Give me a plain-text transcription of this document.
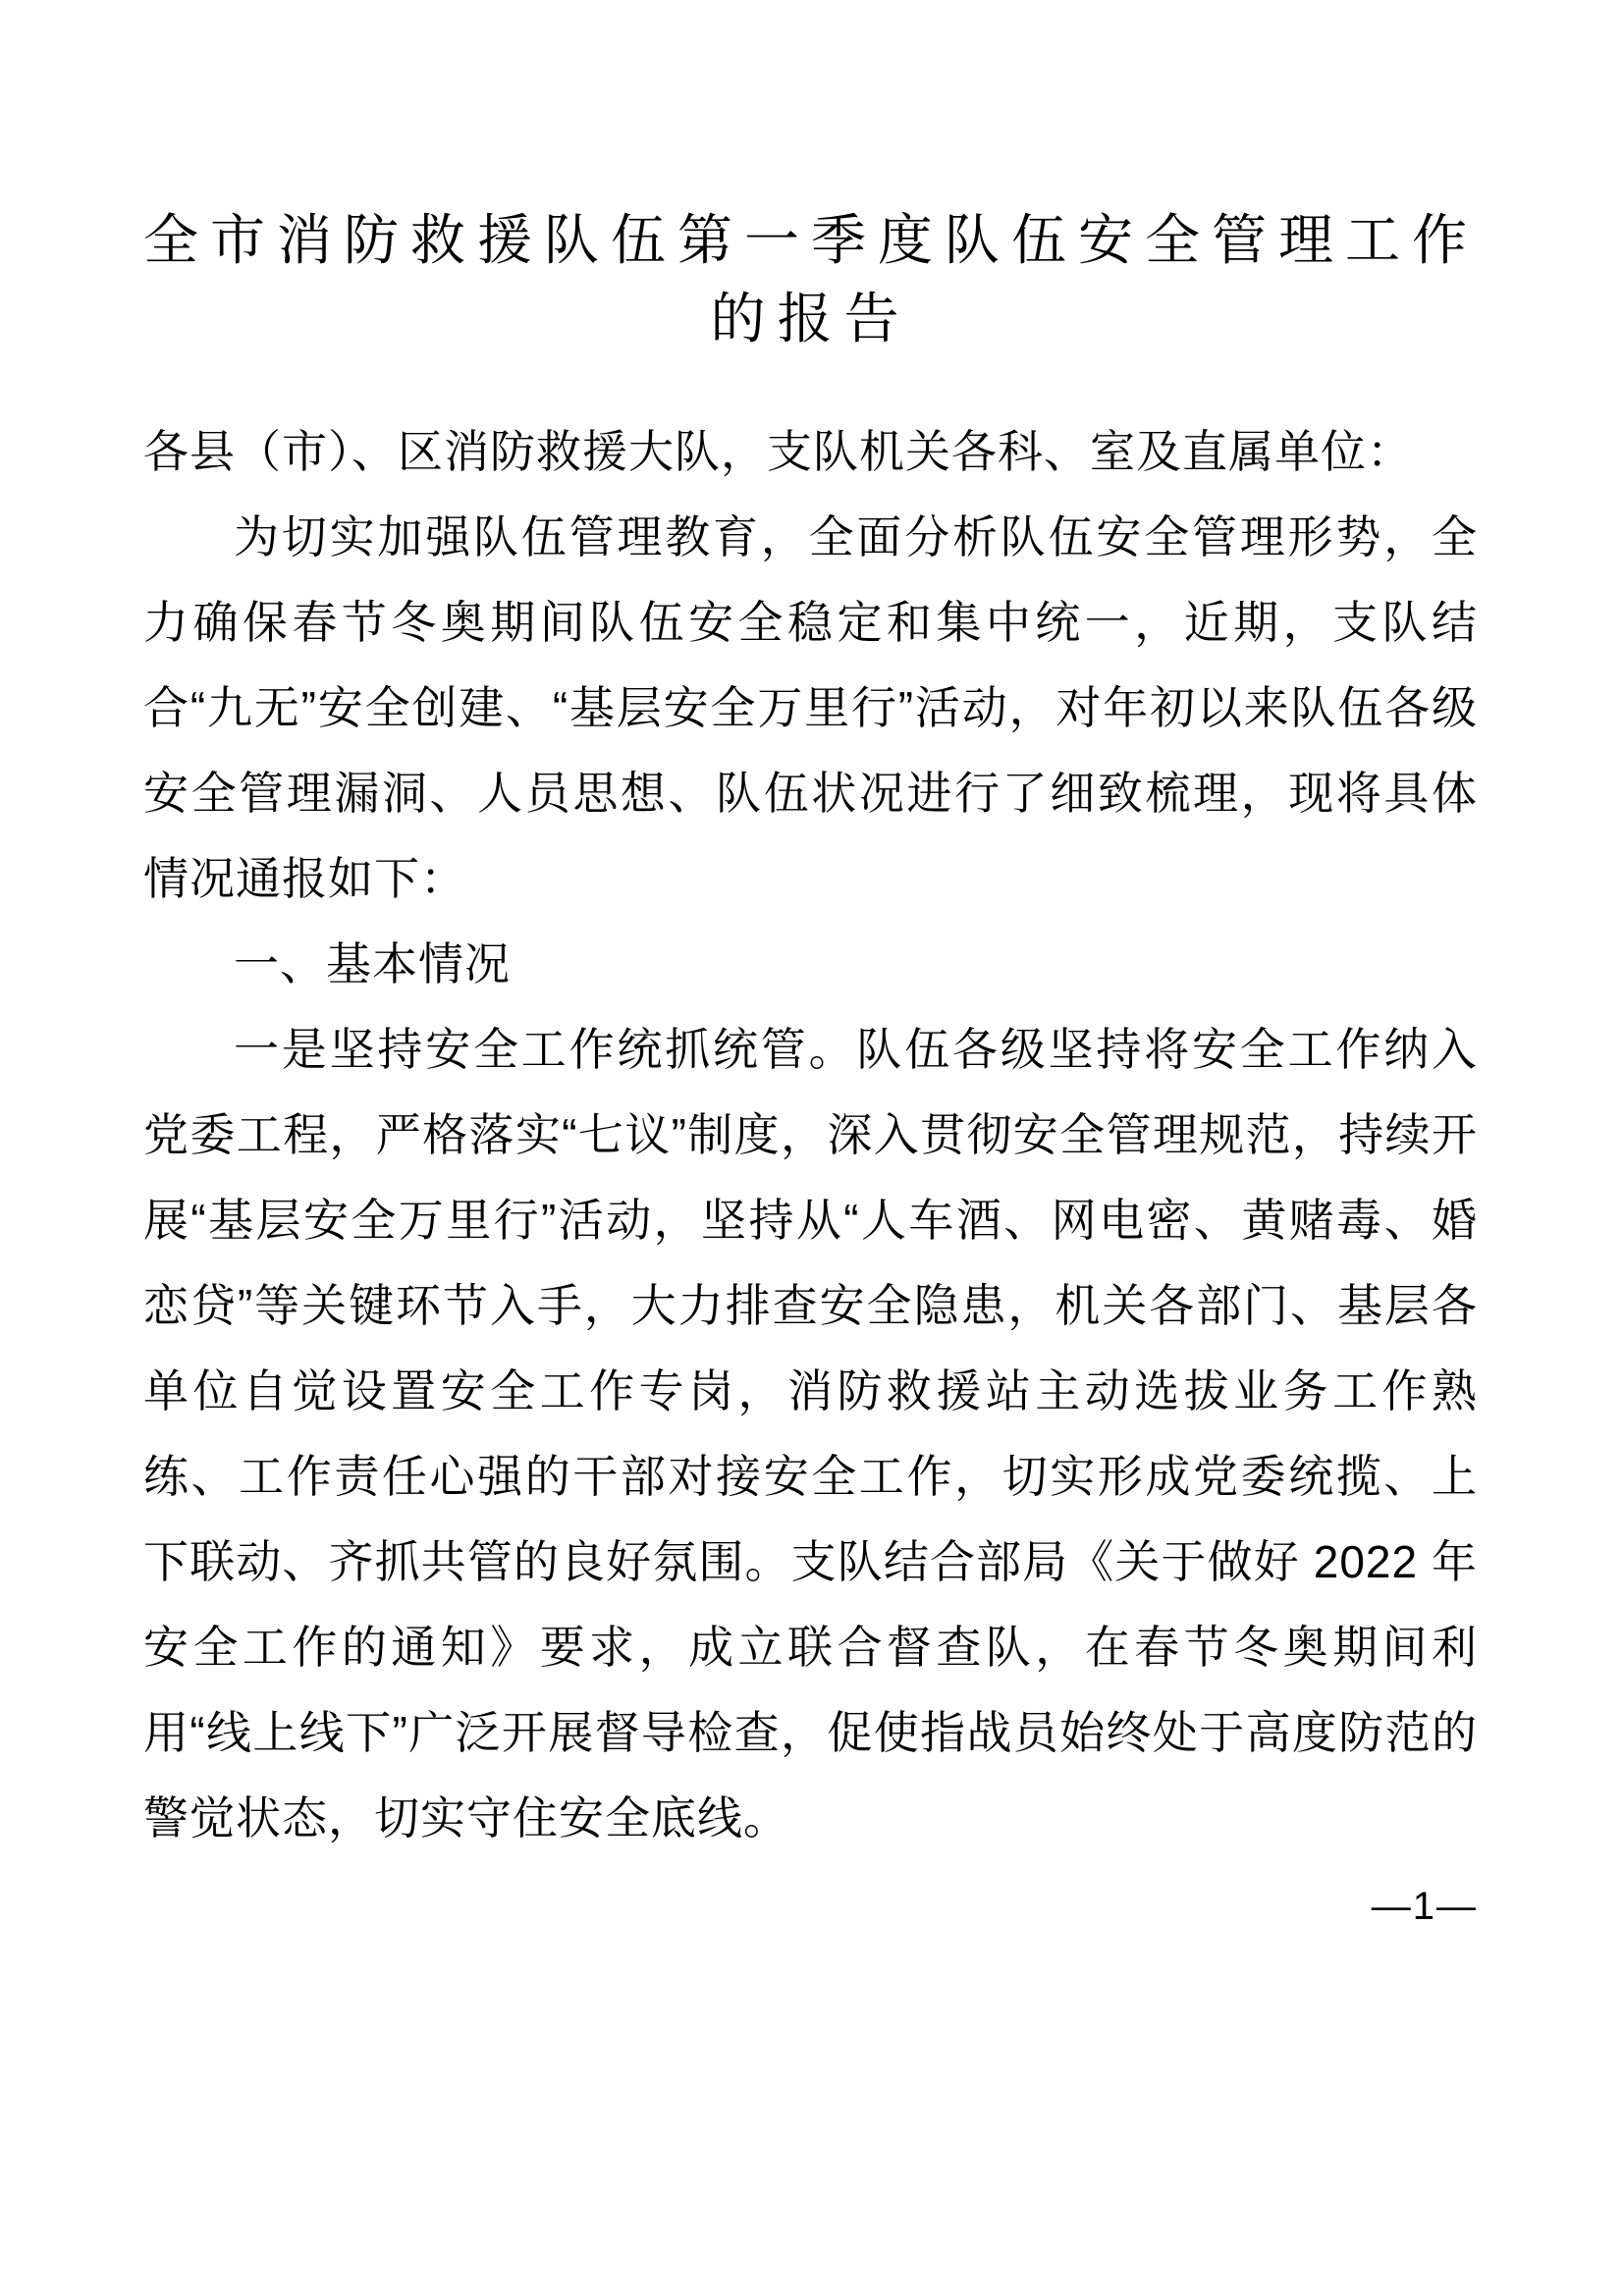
全市消防救援队伍第一季度队伍安全管理工作
的报告

各县（市）、区消防救援大队，支队机关各科、室及直属单位：

为切实加强队伍管理教育，全面分析队伍安全管理形势，全力确保春节冬奥期间队伍安全稳定和集中统一，近期，支队结合“九无”安全创建、“基层安全万里行”活动，对年初以来队伍各级安全管理漏洞、人员思想、队伍状况进行了细致梳理，现将具体情况通报如下：

一、基本情况

一是坚持安全工作统抓统管。队伍各级坚持将安全工作纳入党委工程，严格落实“七议”制度，深入贯彻安全管理规范，持续开展“基层安全万里行”活动，坚持从“人车酒、网电密、黄赌毒、婚恋贷”等关键环节入手，大力排查安全隐患，机关各部门、基层各单位自觉设置安全工作专岗，消防救援站主动选拔业务工作熟练、工作责任心强的干部对接安全工作，切实形成党委统揽、上下联动、齐抓共管的良好氛围。支队结合部局《关于做好 2022 年安全工作的通知》要求，成立联合督查队，在春节冬奥期间利用“线上线下”广泛开展督导检查，促使指战员始终处于高度防范的警觉状态，切实守住安全底线。

—1—
